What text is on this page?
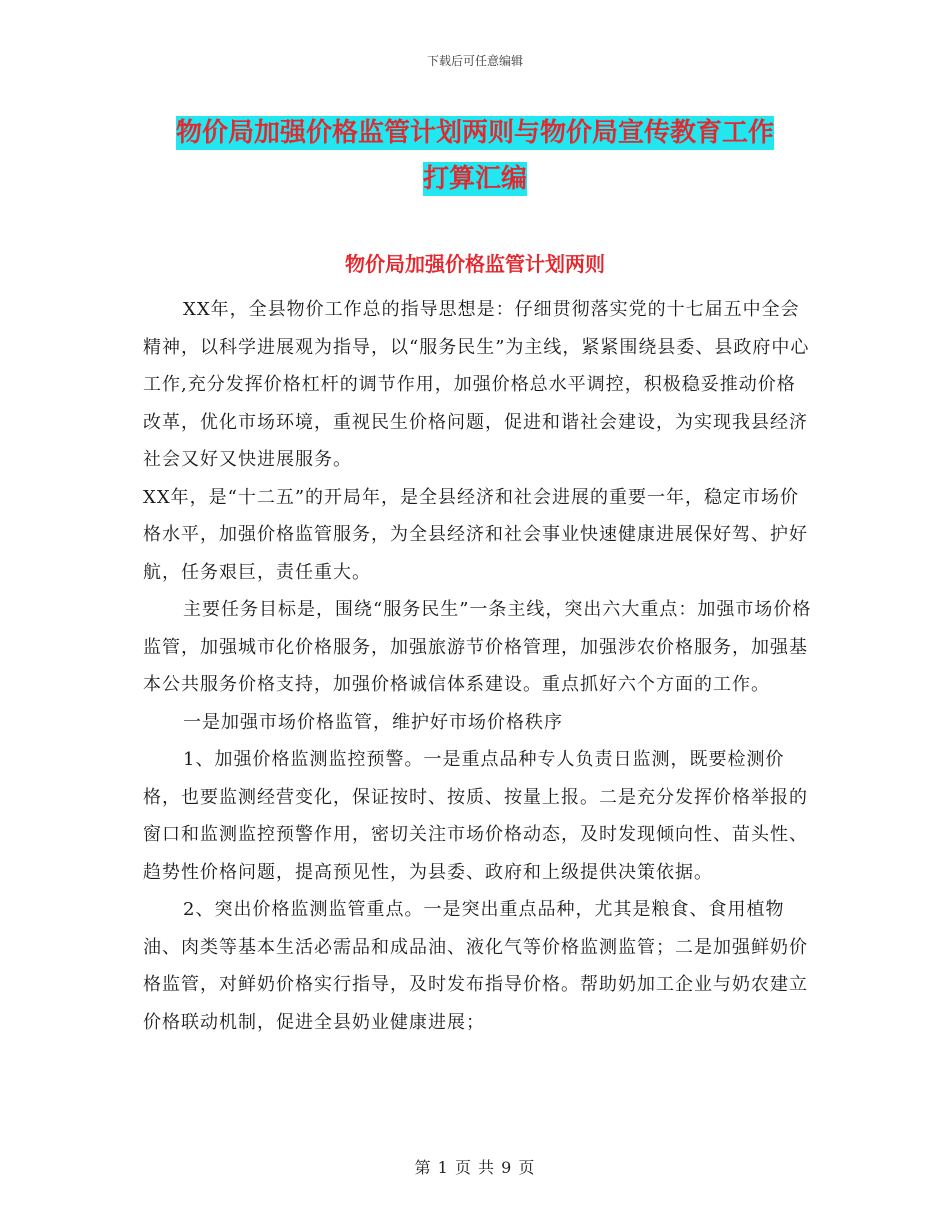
下载后可任意编辑
物价局加强价格监管计划两则与物价局宣传教育工作
打算汇编
物价局加强价格监管计划两则

XX年，全县物价工作总的指导思想是：仔细贯彻落实党的十七届五中全会精神，以科学进展观为指导，以“服务民生”为主线，紧紧围绕县委、县政府中心工作,充分发挥价格杠杆的调节作用，加强价格总水平调控，积极稳妥推动价格改革，优化市场环境，重视民生价格问题，促进和谐社会建设，为实现我县经济社会又好又快进展服务。

XX年，是“十二五”的开局年，是全县经济和社会进展的重要一年，稳定市场价格水平，加强价格监管服务，为全县经济和社会事业快速健康进展保好驾、护好航，任务艰巨，责任重大。

主要任务目标是，围绕“服务民生”一条主线，突出六大重点：加强市场价格监管，加强城市化价格服务，加强旅游节价格管理，加强涉农价格服务，加强基本公共服务价格支持，加强价格诚信体系建设。重点抓好六个方面的工作。

一是加强市场价格监管，维护好市场价格秩序

1、加强价格监测监控预警。一是重点品种专人负责日监测，既要检测价格，也要监测经营变化，保证按时、按质、按量上报。二是充分发挥价格举报的窗口和监测监控预警作用，密切关注市场价格动态，及时发现倾向性、苗头性、趋势性价格问题，提高预见性，为县委、政府和上级提供决策依据。

2、突出价格监测监管重点。一是突出重点品种，尤其是粮食、食用植物油、肉类等基本生活必需品和成品油、液化气等价格监测监管；二是加强鲜奶价格监管，对鲜奶价格实行指导，及时发布指导价格。帮助奶加工企业与奶农建立价格联动机制，促进全县奶业健康进展；

第 1 页 共 9 页
